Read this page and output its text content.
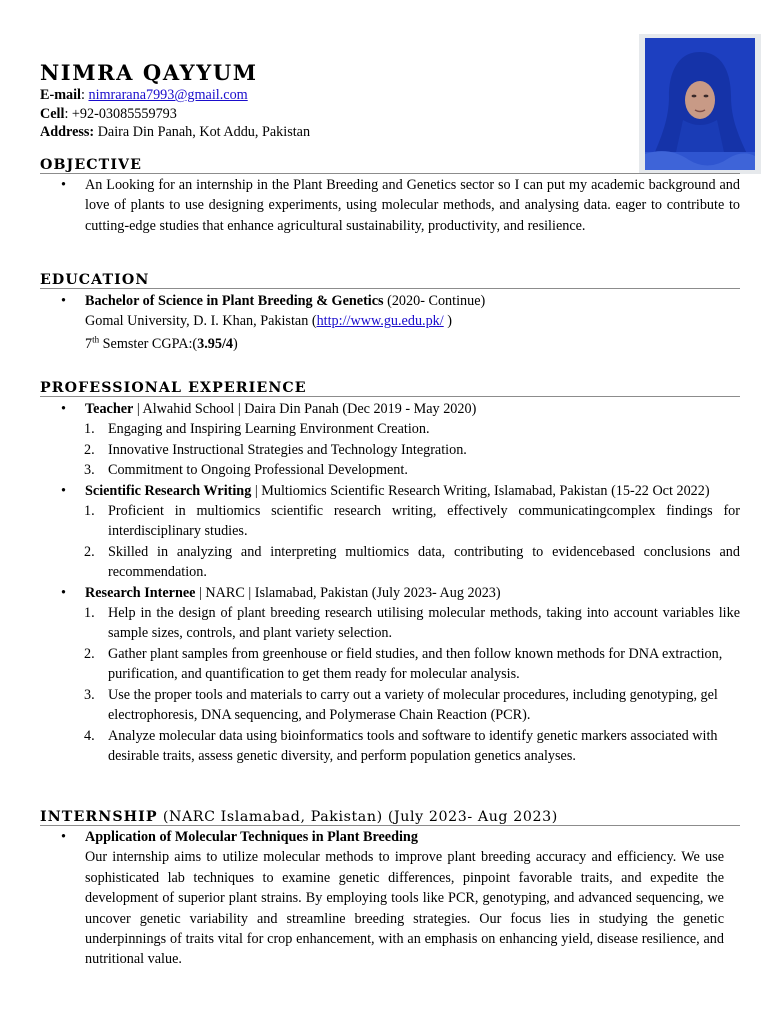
NIMRA QAYYUM
E-mail: nimrarana7993@gmail.com
Cell: +92-03085559793
Address: Daira Din Panah, Kot Addu, Pakistan
OBJECTIVE
• An Looking for an internship in the Plant Breeding and Genetics sector so I can put my academic background and love of plants to use designing experiments, using molecular methods, and analysing data. eager to contribute to cutting-edge studies that enhance agricultural sustainability, productivity, and resilience.
EDUCATION
• Bachelor of Science in Plant Breeding & Genetics (2020- Continue)
Gomal University, D. I. Khan, Pakistan (http://www.gu.edu.pk/ )
7th Semster CGPA:(3.95/4)
PROFESSIONAL EXPERIENCE
• Teacher | Alwahid School | Daira Din Panah (Dec 2019 - May 2020)
1. Engaging and Inspiring Learning Environment Creation.
2. Innovative Instructional Strategies and Technology Integration.
3. Commitment to Ongoing Professional Development.
• Scientific Research Writing | Multiomics Scientific Research Writing, Islamabad, Pakistan (15-22 Oct 2022)
1. Proficient in multiomics scientific research writing, effectively communicatingcomplex findings for interdisciplinary studies.
2. Skilled in analyzing and interpreting multiomics data, contributing to evidencebased conclusions and recommendation.
• Research Internee | NARC | Islamabad, Pakistan (July 2023- Aug 2023)
1. Help in the design of plant breeding research utilising molecular methods, taking into account variables like sample sizes, controls, and plant variety selection.
2. Gather plant samples from greenhouse or field studies, and then follow known methods for DNA extraction, purification, and quantification to get them ready for molecular analysis.
3. Use the proper tools and materials to carry out a variety of molecular procedures, including genotyping, gel electrophoresis, DNA sequencing, and Polymerase Chain Reaction (PCR).
4. Analyze molecular data using bioinformatics tools and software to identify genetic markers associated with desirable traits, assess genetic diversity, and perform population genetics analyses.
INTERNSHIP (NARC Islamabad, Pakistan) (July 2023- Aug 2023)
• Application of Molecular Techniques in Plant Breeding
Our internship aims to utilize molecular methods to improve plant breeding accuracy and efficiency. We use sophisticated lab techniques to examine genetic differences, pinpoint favorable traits, and expedite the development of superior plant strains. By employing tools like PCR, genotyping, and advanced sequencing, we uncover genetic variability and streamline breeding strategies. Our focus lies in studying the genetic underpinnings of traits vital for crop enhancement, with an emphasis on enhancing yield, disease resilience, and nutritional value.
